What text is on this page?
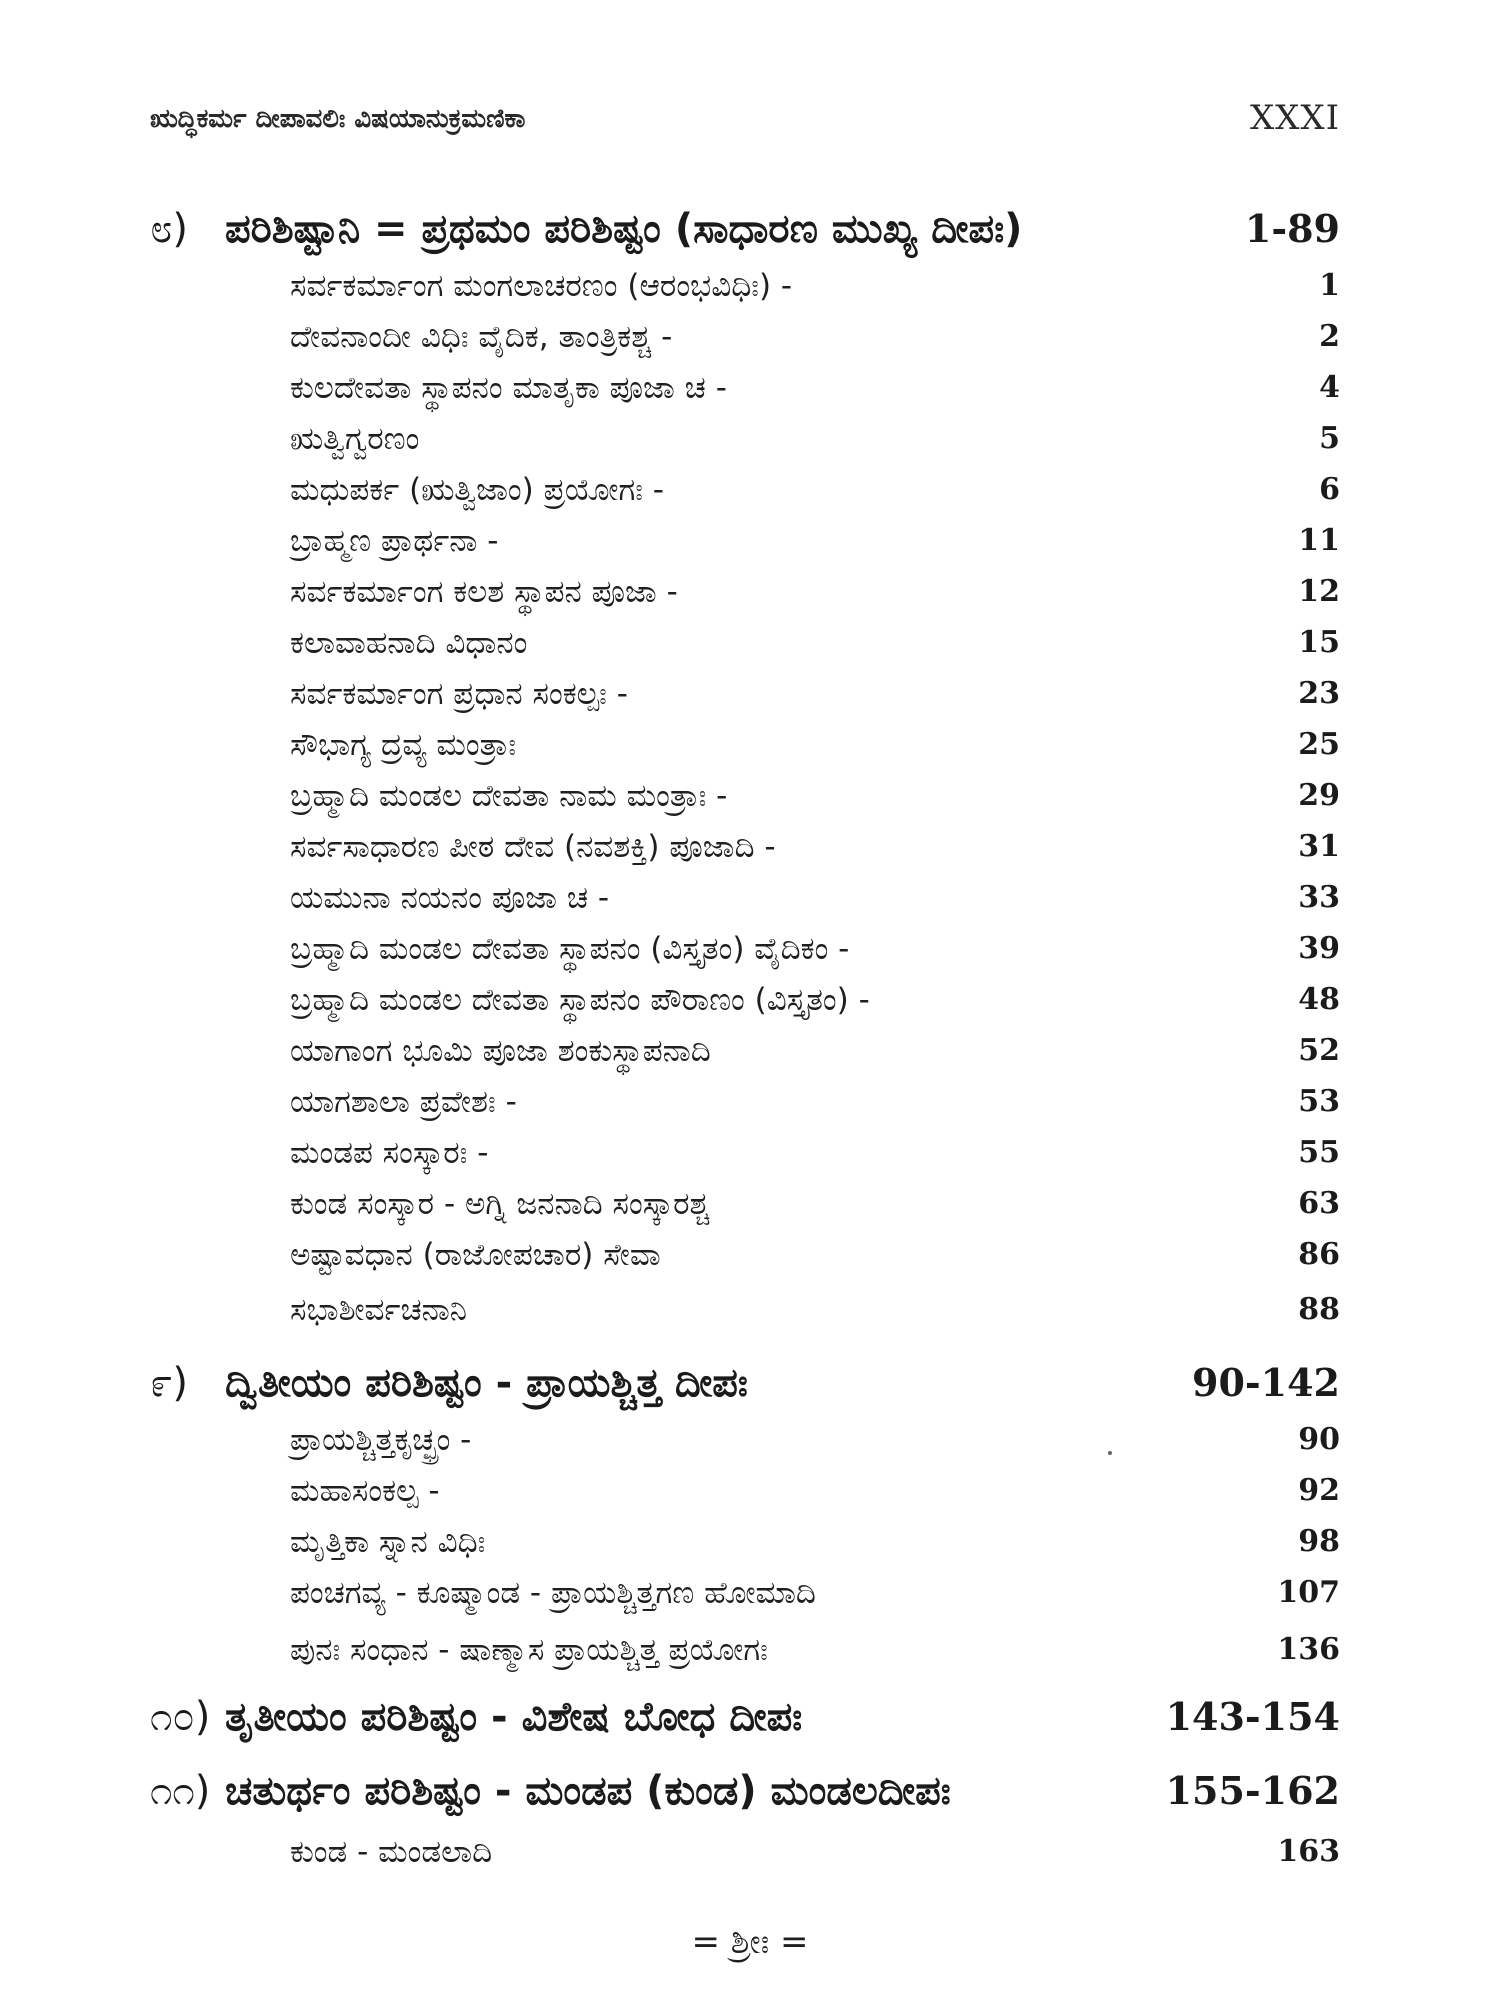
ಋದ್ಧಿಕರ್ಮ ದೀಪಾವಲಿಃ ವಿಷಯಾನುಕ್ರಮಣಿಕಾ	XXXI
೮) ಪರಿಶಿಷ್ಟಾನಿ = ಪ್ರಥಮಂ ಪರಿಶಿಷ್ಟಂ (ಸಾಧಾರಣ ಮುಖ್ಯ ದೀಪಃ)	1-89
ಸರ್ವಕರ್ಮಾಂಗ ಮಂಗಲಾಚರಣಂ (ಆರಂಭವಿಧಿಃ) -	1
ದೇವನಾಂದೀ ವಿಧಿಃ ವೈದಿಕ, ತಾಂತ್ರಿಕಶ್ಚ -	2
ಕುಲದೇವತಾ ಸ್ಥಾಪನಂ ಮಾತೃಕಾ ಪೂಜಾ ಚ -	4
ಋತ್ವಿಗ್ವರಣಂ	5
ಮಧುಪರ್ಕ (ಋತ್ವಿಜಾಂ) ಪ್ರಯೋಗಃ -	6
ಬ್ರಾಹ್ಮಣ ಪ್ರಾರ್ಥನಾ -	11
ಸರ್ವಕರ್ಮಾಂಗ ಕಲಶ ಸ್ಥಾಪನ ಪೂಜಾ -	12
ಕಲಾವಾಹನಾದಿ ವಿಧಾನಂ	15
ಸರ್ವಕರ್ಮಾಂಗ ಪ್ರಧಾನ ಸಂಕಲ್ಪಃ -	23
ಸೌಭಾಗ್ಯ ದ್ರವ್ಯ ಮಂತ್ರಾಃ	25
ಬ್ರಹ್ಮಾದಿ ಮಂಡಲ ದೇವತಾ ನಾಮ ಮಂತ್ರಾಃ -	29
ಸರ್ವಸಾಧಾರಣ ಪೀಠ ದೇವ (ನವಶಕ್ತಿ) ಪೂಜಾದಿ -	31
ಯಮುನಾ ನಯನಂ ಪೂಜಾ ಚ -	33
ಬ್ರಹ್ಮಾದಿ ಮಂಡಲ ದೇವತಾ ಸ್ಥಾಪನಂ (ವಿಸ್ತೃತಂ) ವೈದಿಕಂ -	39
ಬ್ರಹ್ಮಾದಿ ಮಂಡಲ ದೇವತಾ ಸ್ಥಾಪನಂ ಪೌರಾಣಂ (ವಿಸ್ತೃತಂ) -	48
ಯಾಗಾಂಗ ಭೂಮಿ ಪೂಜಾ ಶಂಕುಸ್ಥಾಪನಾದಿ	52
ಯಾಗಶಾಲಾ ಪ್ರವೇಶಃ -	53
ಮಂಡಪ ಸಂಸ್ಕಾರಃ -	55
ಕುಂಡ ಸಂಸ್ಕಾರ - ಅಗ್ನಿ ಜನನಾದಿ ಸಂಸ್ಕಾರಶ್ಚ	63
ಅಷ್ಟಾವಧಾನ (ರಾಜೋಪಚಾರ) ಸೇವಾ	86
ಸಭಾಶೀರ್ವಚನಾನಿ	88
೯) ದ್ವಿತೀಯಂ ಪರಿಶಿಷ್ಟಂ - ಪ್ರಾಯಶ್ಚಿತ್ತ ದೀಪಃ	90-142
ಪ್ರಾಯಶ್ಚಿತ್ತಕೃಚ್ಛ್ರಂ -	90
ಮಹಾಸಂಕಲ್ಪ -	92
ಮೃತ್ತಿಕಾ ಸ್ನಾನ ವಿಧಿಃ	98
ಪಂಚಗವ್ಯ - ಕೂಷ್ಮಾಂಡ - ಪ್ರಾಯಶ್ಚಿತ್ತಗಣ ಹೋಮಾದಿ	107
ಪುನಃ ಸಂಧಾನ - ಷಾಣ್ಮಾಸ ಪ್ರಾಯಶ್ಚಿತ್ತ ಪ್ರಯೋಗಃ	136
೧೦) ತೃತೀಯಂ ಪರಿಶಿಷ್ಟಂ - ವಿಶೇಷ ಬೋಧ ದೀಪಃ	143-154
೧೧) ಚತುರ್ಥಂ ಪರಿಶಿಷ್ಟಂ - ಮಂಡಪ (ಕುಂಡ) ಮಂಡಲದೀಪಃ	155-162
ಕುಂಡ - ಮಂಡಲಾದಿ	163
= ಶ್ರೀಃ =
